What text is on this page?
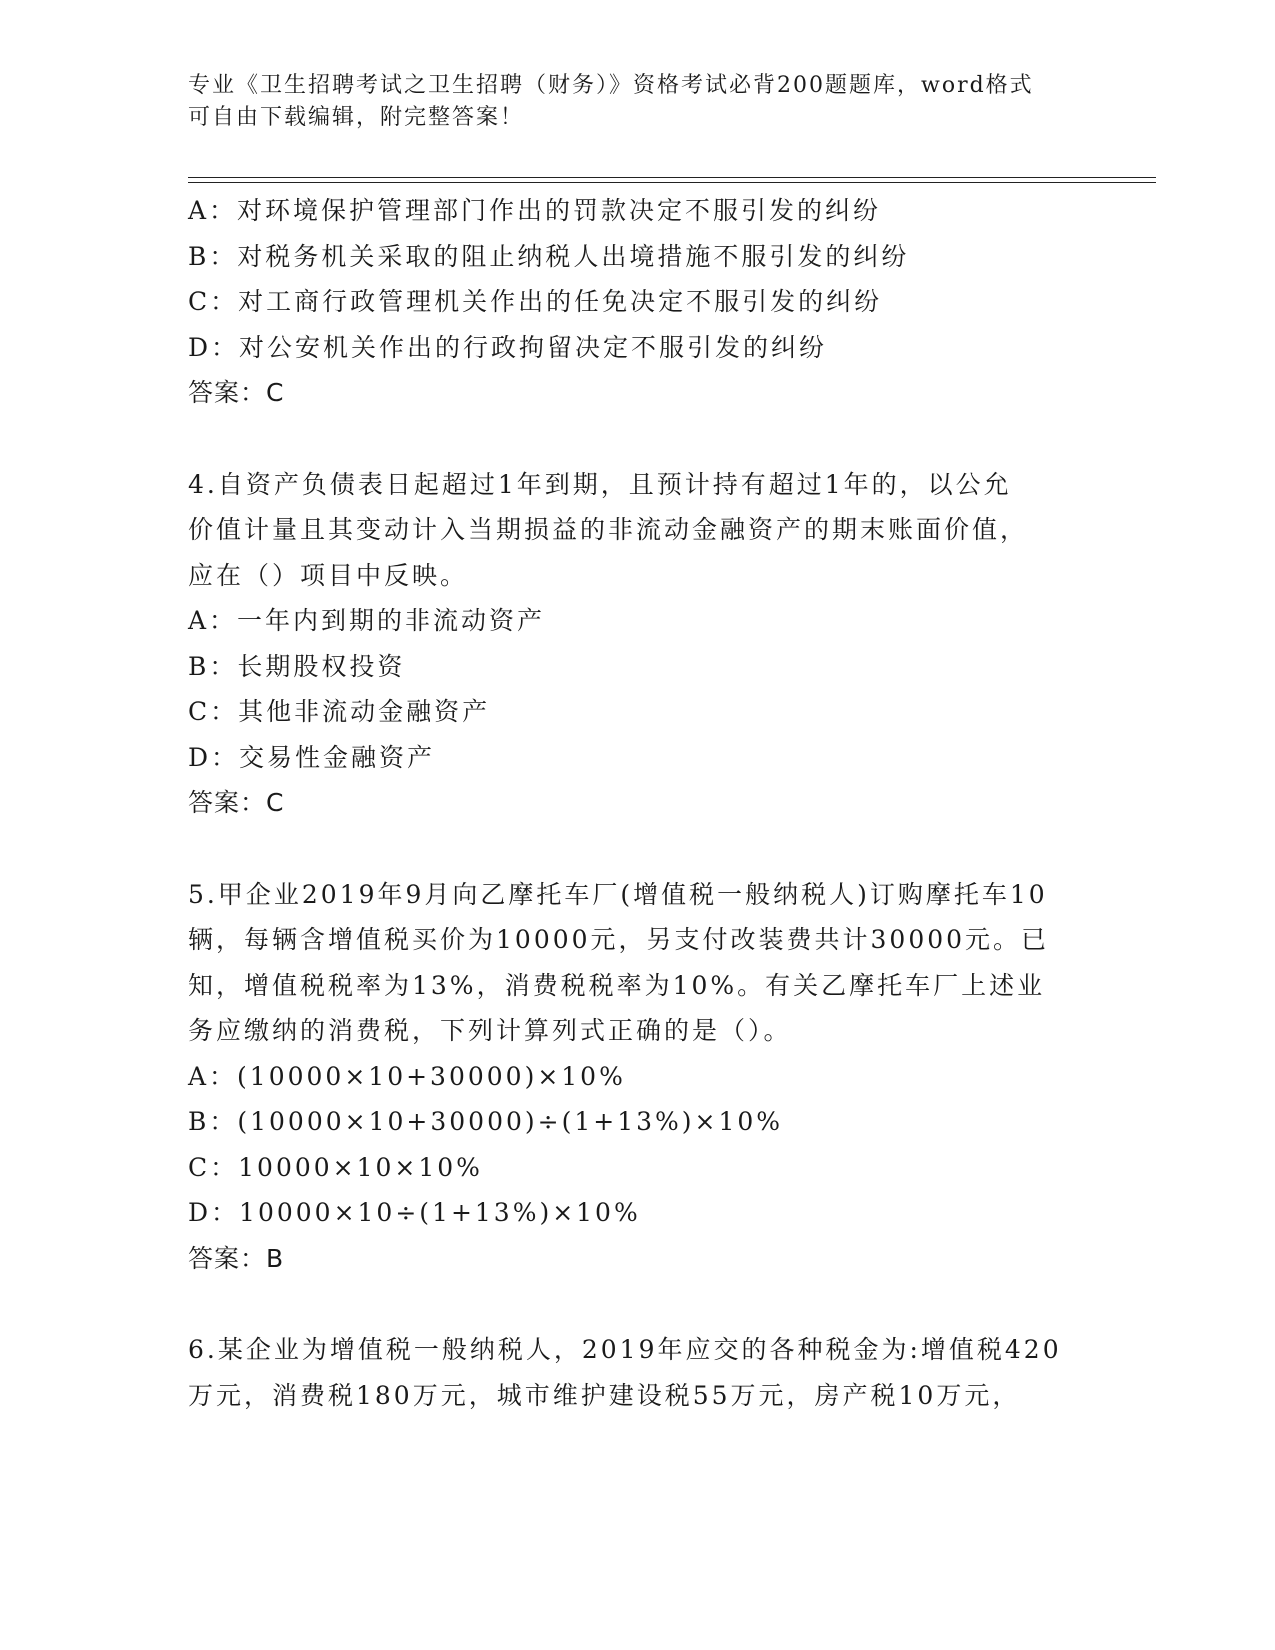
专业《卫生招聘考试之卫生招聘（财务）》资格考试必背200题题库，word格式
可自由下载编辑，附完整答案！
A：对环境保护管理部门作出的罚款决定不服引发的纠纷
B：对税务机关采取的阻止纳税人出境措施不服引发的纠纷
C：对工商行政管理机关作出的任免决定不服引发的纠纷
D：对公安机关作出的行政拘留决定不服引发的纠纷
答案：C
4.自资产负债表日起超过1年到期，且预计持有超过1年的，以公允
价值计量且其变动计入当期损益的非流动金融资产的期末账面价值，
应在（）项目中反映。
A：一年内到期的非流动资产
B：长期股权投资
C：其他非流动金融资产
D：交易性金融资产
答案：C
5.甲企业2019年9月向乙摩托车厂(增值税一般纳税人)订购摩托车10
辆，每辆含增值税买价为10000元，另支付改装费共计30000元。已
知，增值税税率为13%，消费税税率为10%。有关乙摩托车厂上述业
务应缴纳的消费税，下列计算列式正确的是（）。
A：(10000×10+30000)×10%
B：(10000×10+30000)÷(1+13%)×10%
C：10000×10×10%
D：10000×10÷(1+13%)×10%
答案：B
6.某企业为增值税一般纳税人，2019年应交的各种税金为:增值税420
万元，消费税180万元，城市维护建设税55万元，房产税10万元，
